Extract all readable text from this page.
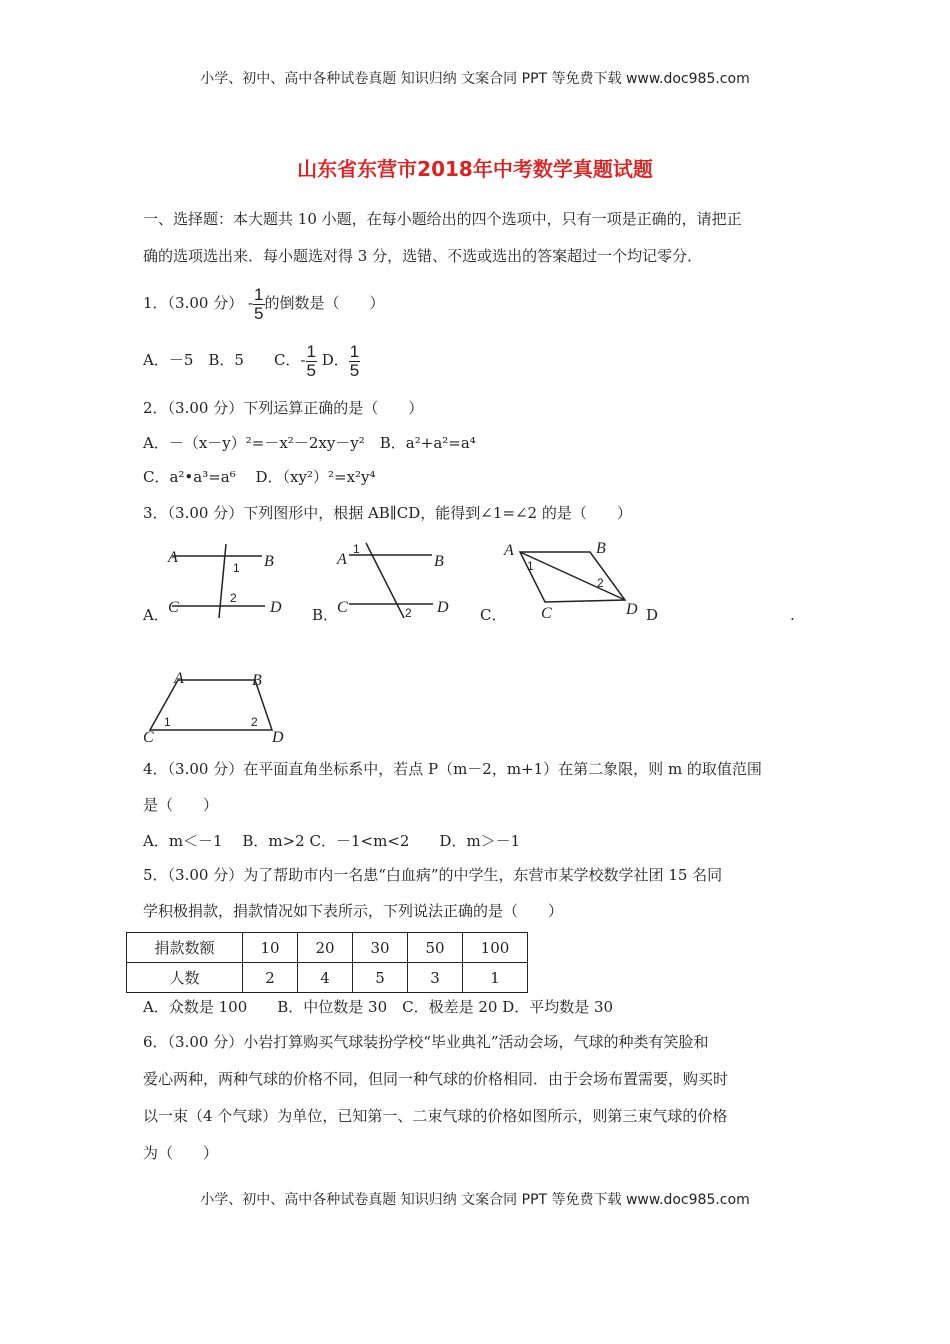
小学、初中、高中各种试卷真题 知识归纳 文案合同 PPT 等免费下载 www.doc985.com
山东省东营市2018年中考数学真题试题
一、选择题：本大题共 10 小题，在每小题给出的四个选项中，只有一项是正确的，请把正
确的选项选出来．每小题选对得 3 分，选错、不选或选出的答案超过一个均记零分．
1．（3.00 分） - $\frac{1}{5}$ 的倒数是（　　）
A．－5　B．5　　C．- $\frac{1}{5}$ D． $\frac{1}{5}$
2．（3.00 分）下列运算正确的是（　　）
A．－（x－y）²=－x²－2xy－y²　B．a²+a²=a⁴
C．a²•a³=a⁶　 D．（xy²）²=x²y⁴
3．（3.00 分）下列图形中，根据 AB∥CD，能得到∠1=∠2 的是（　　）
A．	B．	C．	D	.
A	B
C	D
1
2
A	B
C	D
1
2
A	B
C	D
1
2
A	B
C	D
1	2
4．（3.00 分）在平面直角坐标系中，若点 P（m－2，m+1）在第二象限，则 m 的取值范围
是（　　）
A．m＜－1　 B．m>2 C．－1<m<2　　D．m＞－1
5．（3.00 分）为了帮助市内一名患“白血病”的中学生，东营市某学校数学社团 15 名同
学积极捐款，捐款情况如下表所示，下列说法正确的是（　　）
捐款数额	10	20	30	50	100
人数	2	4	5	3	1
A．众数是 100　　B．中位数是 30　C．极差是 20 D．平均数是 30
6．（3.00 分）小岩打算购买气球装扮学校“毕业典礼”活动会场，气球的种类有笑脸和
爱心两种，两种气球的价格不同，但同一种气球的价格相同．由于会场布置需要，购买时
以一束（4 个气球）为单位，已知第一、二束气球的价格如图所示，则第三束气球的价格
为（　　）
小学、初中、高中各种试卷真题 知识归纳 文案合同 PPT 等免费下载 www.doc985.com
